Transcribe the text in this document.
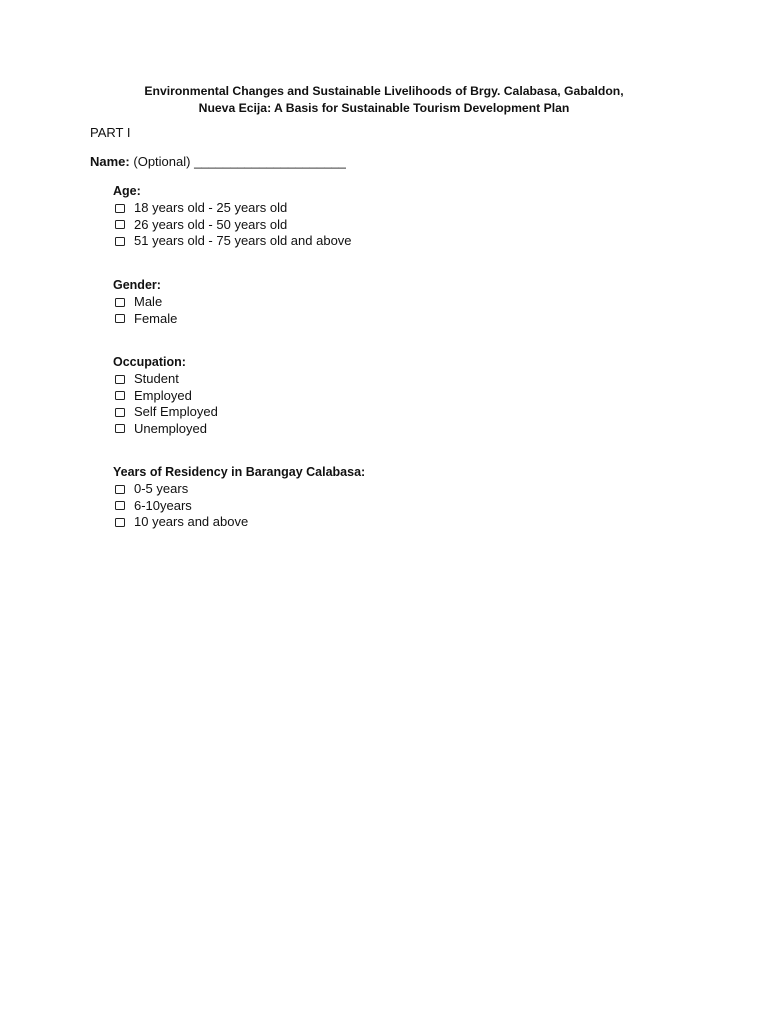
Environmental Changes and Sustainable Livelihoods of Brgy. Calabasa, Gabaldon,
Nueva Ecija: A Basis for Sustainable Tourism Development Plan
PART I
Name: (Optional) _____________________
Age:
18 years old - 25 years old
26 years old - 50 years old
51 years old - 75 years old and above
Gender:
Male
Female
Occupation:
Student
Employed
Self Employed
Unemployed
Years of Residency in Barangay Calabasa:
0-5 years
6-10years
10 years and above
